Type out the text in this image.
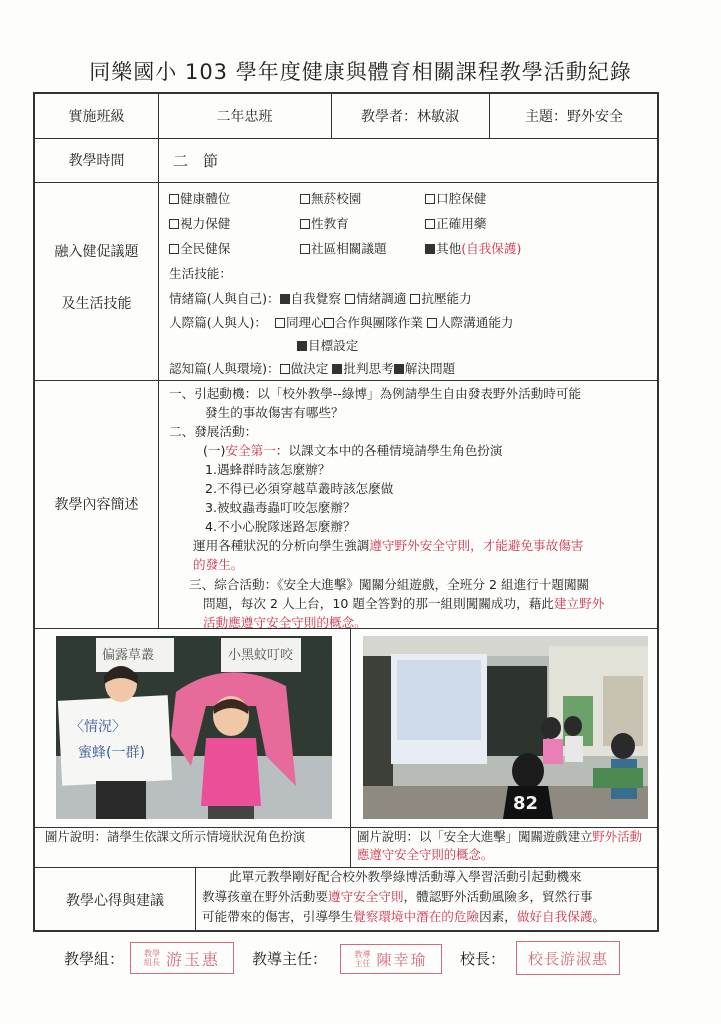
同樂國小 103 學年度健康與體育相關課程教學活動紀錄
實施班級	二年忠班	教學者：林敏淑	主題：野外安全
教學時間	二　節
融入健促議題
及生活技能
健康體位	無菸校園	口腔保健
視力保健	性教育	正確用藥
全民健保	社區相關議題	其他(自我保護)
生活技能：
情緒篇(人與自己)： 自我覺察 情緒調適 抗壓能力
人際篇(人與人)： 同理心 合作與團隊作業 人際溝通能力
目標設定
認知篇(人與環境)： 做決定 批判思考 解決問題
教學內容簡述
一、引起動機：以「校外教學--綠博」為例請學生自由發表野外活動時可能
發生的事故傷害有哪些？
二、發展活動：
(一)安全第一：以課文本中的各種情境請學生角色扮演
1.遇蜂群時該怎麼辦？
2.不得已必須穿越草叢時該怎麼做
3.被蚊蟲毒蟲叮咬怎麼辦？
4.不小心脫隊迷路怎麼辦？
運用各種狀況的分析向學生強調遵守野外安全守則，才能避免事故傷害
的發生。
三、綜合活動：《安全大進擊》闖關分組遊戲，全班分 2 組進行十題闖關
問題，每次 2 人上台，10 題全答對的那一組則闖關成功，藉此建立野外
活動應遵守安全守則的概念。
偏露草叢	小黑蚊叮咬
〈情況〉
蜜蜂(一群)
82
圖片說明：請學生依課文所示情境狀況角色扮演	圖片說明：以「安全大進擊」闖關遊戲建立野外活動應遵守安全守則的概念。
教學心得與建議
此單元教學剛好配合校外教學綠博活動導入學習活動引起動機來
教導孩童在野外活動要遵守安全守則，體認野外活動風險多，貿然行事
可能帶來的傷害，引導學生覺察環境中潛在的危險因素，做好自我保護。
教學組： 教學組長 游玉惠 教導主任：	教導主任 陳幸瑜 校長：	校長游淑惠
